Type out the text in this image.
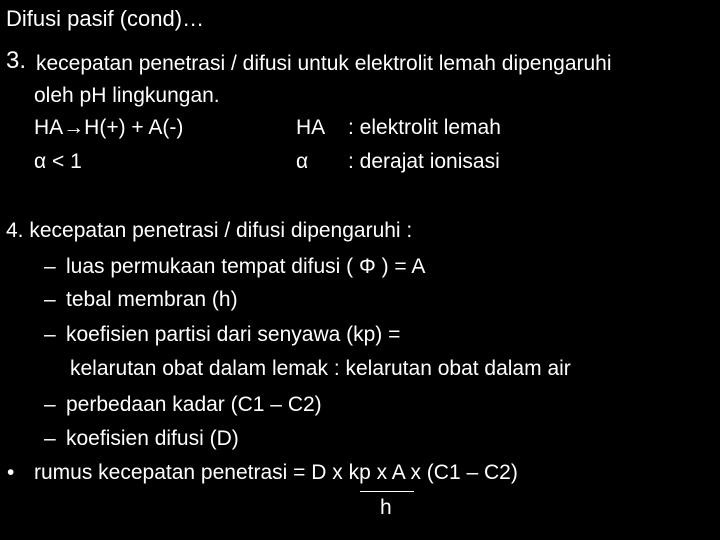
Difusi pasif (cond)…
3. kecepatan penetrasi / difusi untuk elektrolit lemah dipengaruhi
oleh pH lingkungan.
HA→H(+) + A(-)
α < 1
HA : elektrolit lemah
α : derajat ionisasi
4. kecepatan penetrasi / difusi dipengaruhi :
– luas permukaan tempat difusi ( Φ ) = A
– tebal membran (h)
– koefisien partisi dari senyawa (kp) =
kelarutan obat dalam lemak : kelarutan obat dalam air
– perbedaan kadar (C1 – C2)
– koefisien difusi (D)
• rumus kecepatan penetrasi = D x kp x A x (C1 – C2)
h
